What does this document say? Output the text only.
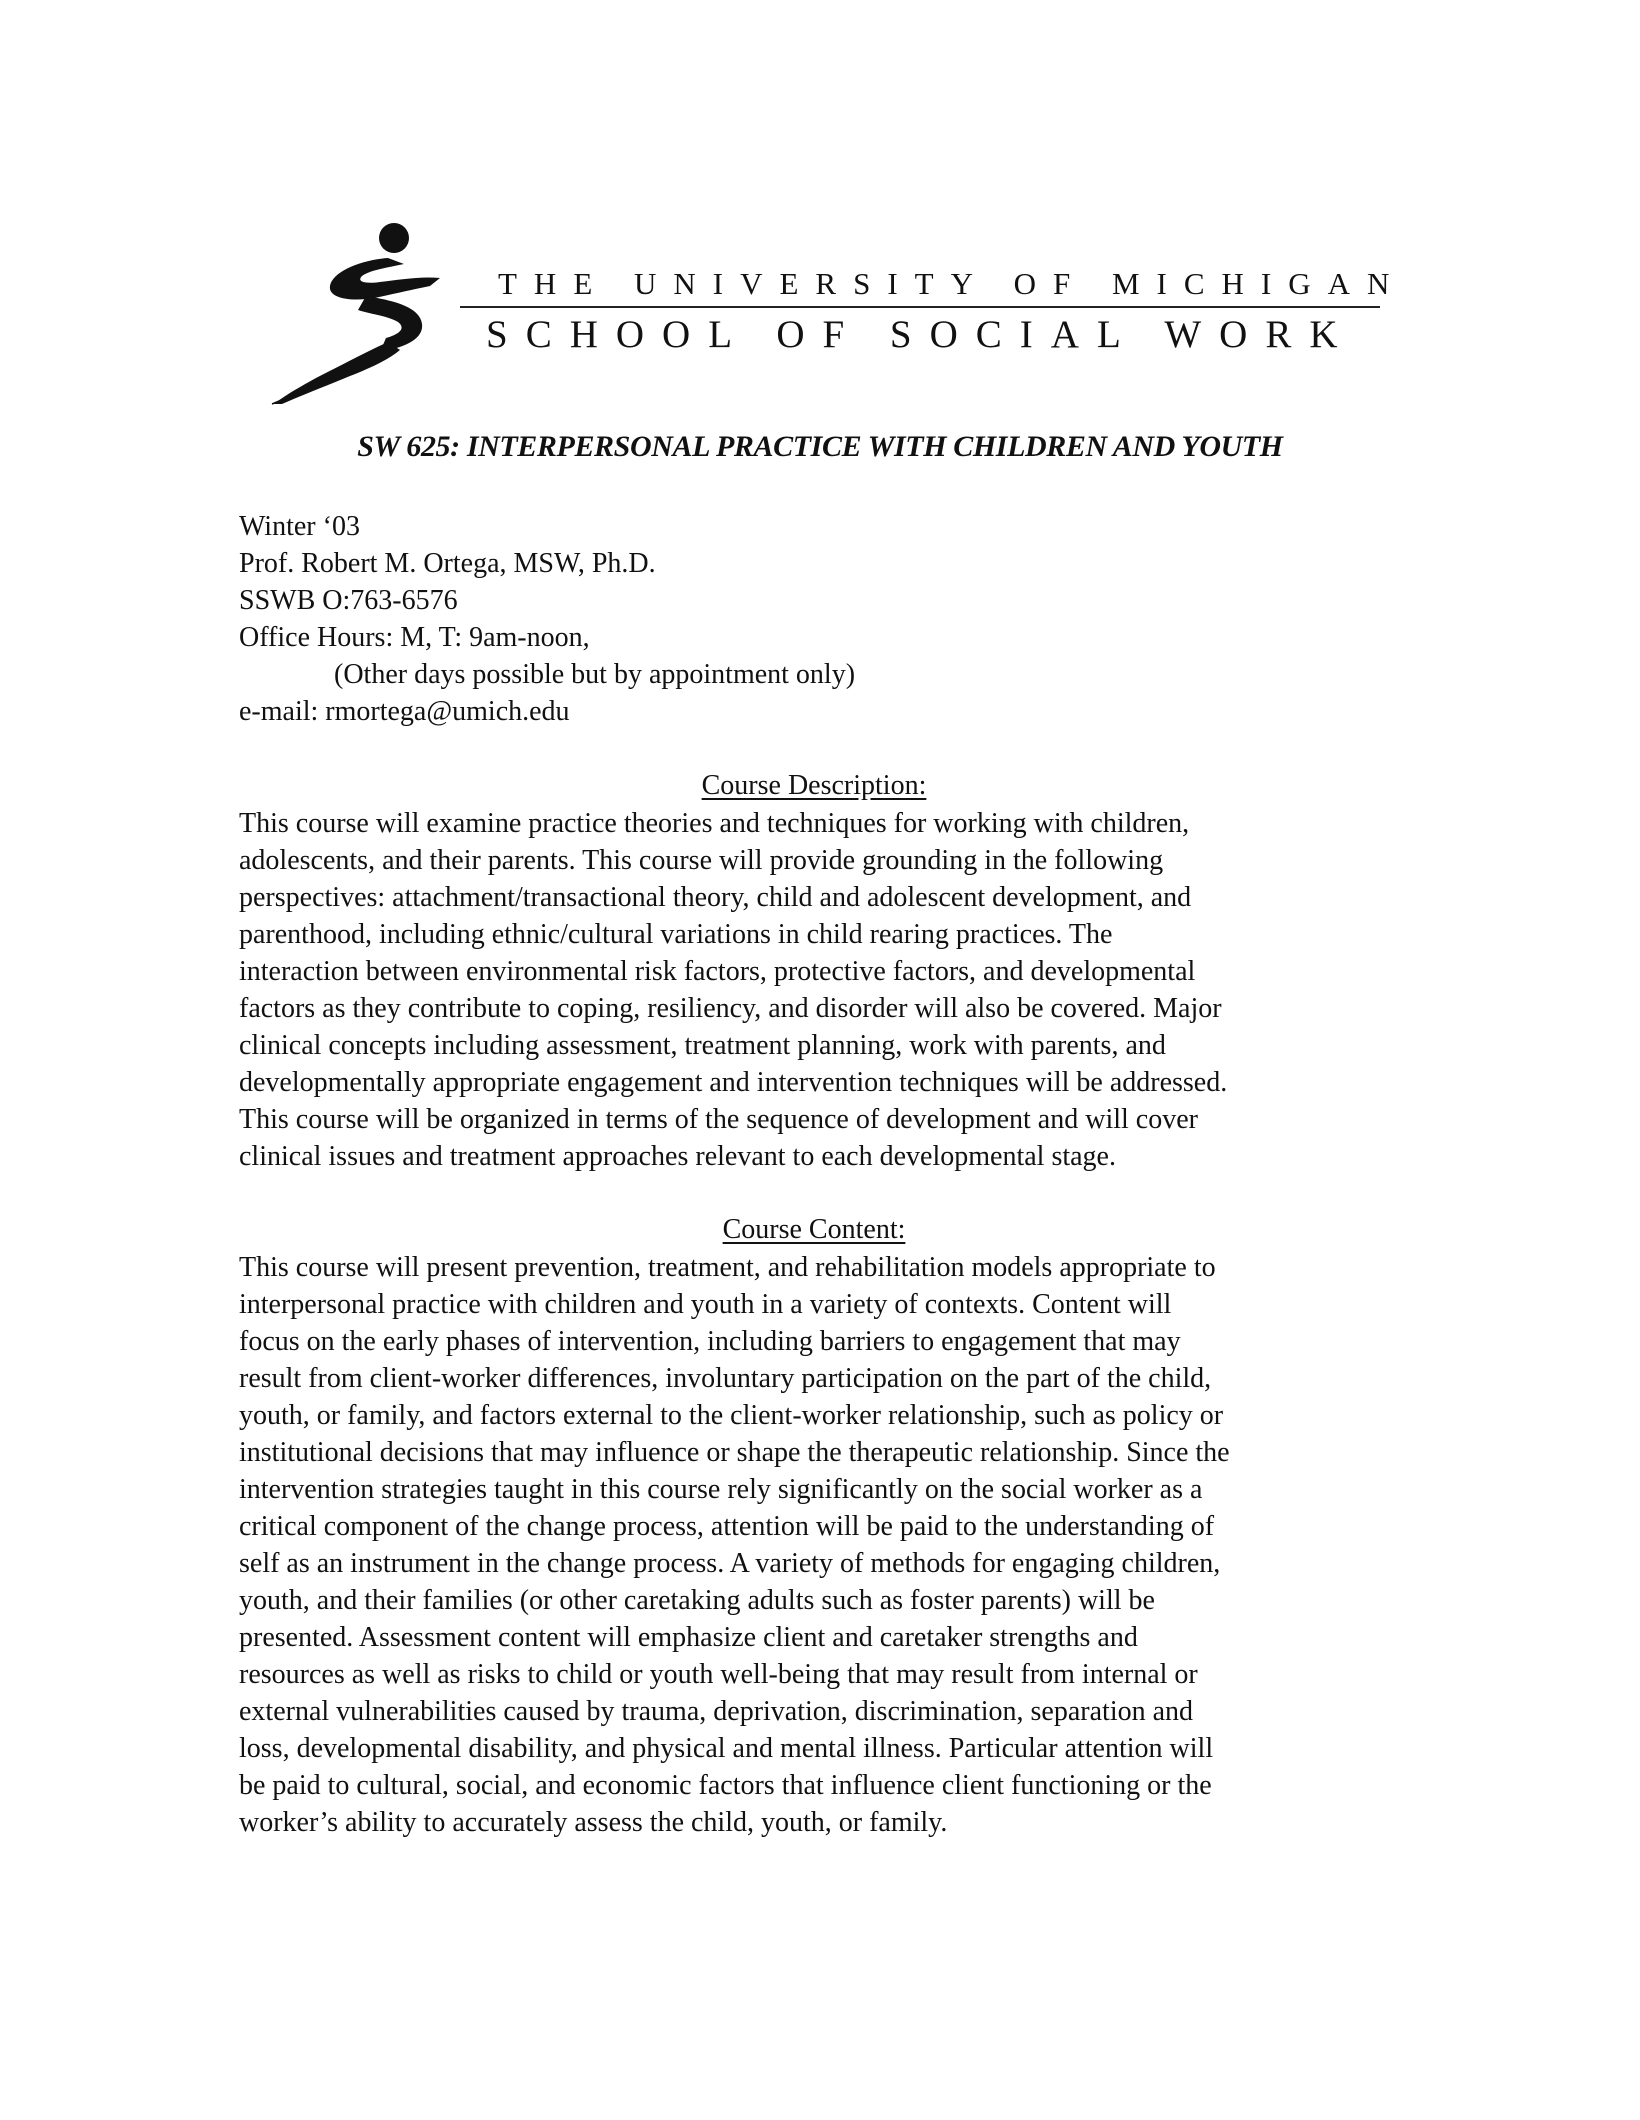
THE UNIVERSITY OF MICHIGAN
SCHOOL OF SOCIAL WORK
SW 625: INTERPERSONAL PRACTICE WITH CHILDREN AND YOUTH
Winter ‘03
Prof. Robert M. Ortega, MSW, Ph.D.
SSWB O:763-6576
Office Hours: M, T: 9am-noon,
(Other days possible but by appointment only)
e-mail: rmortega@umich.edu
Course Description:
This course will examine practice theories and techniques for working with children,
adolescents, and their parents. This course will provide grounding in the following
perspectives: attachment/transactional theory, child and adolescent development, and
parenthood, including ethnic/cultural variations in child rearing practices. The
interaction between environmental risk factors, protective factors, and developmental
factors as they contribute to coping, resiliency, and disorder will also be covered. Major
clinical concepts including assessment, treatment planning, work with parents, and
developmentally appropriate engagement and intervention techniques will be addressed.
This course will be organized in terms of the sequence of development and will cover
clinical issues and treatment approaches relevant to each developmental stage.
Course Content:
This course will present prevention, treatment, and rehabilitation models appropriate to
interpersonal practice with children and youth in a variety of contexts. Content will
focus on the early phases of intervention, including barriers to engagement that may
result from client-worker differences, involuntary participation on the part of the child,
youth, or family, and factors external to the client-worker relationship, such as policy or
institutional decisions that may influence or shape the therapeutic relationship. Since the
intervention strategies taught in this course rely significantly on the social worker as a
critical component of the change process, attention will be paid to the understanding of
self as an instrument in the change process. A variety of methods for engaging children,
youth, and their families (or other caretaking adults such as foster parents) will be
presented. Assessment content will emphasize client and caretaker strengths and
resources as well as risks to child or youth well-being that may result from internal or
external vulnerabilities caused by trauma, deprivation, discrimination, separation and
loss, developmental disability, and physical and mental illness. Particular attention will
be paid to cultural, social, and economic factors that influence client functioning or the
worker’s ability to accurately assess the child, youth, or family.
